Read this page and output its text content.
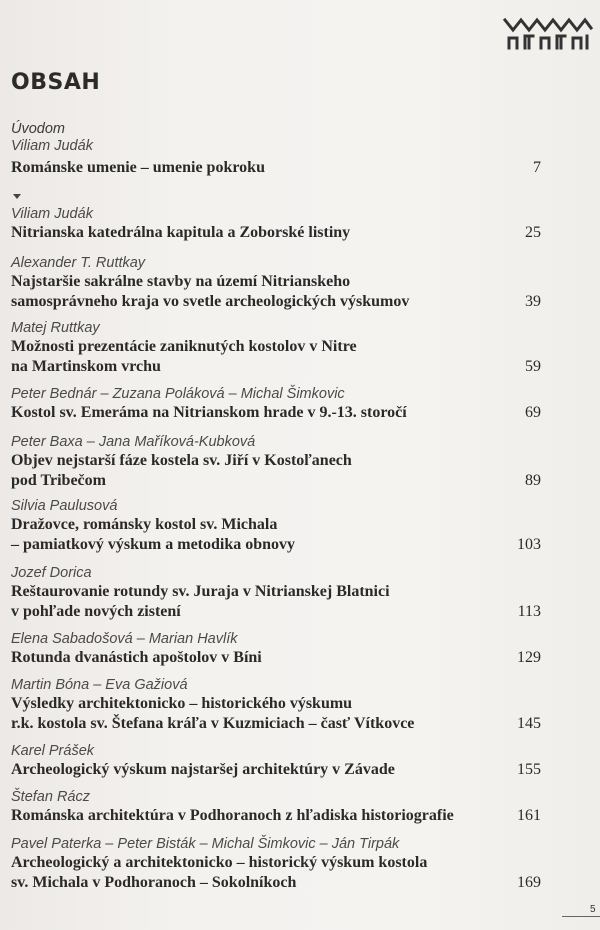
OBSAH
Úvodom
Viliam Judák
Románske umenie – umenie pokroku	7
Viliam Judák
Nitrianska katedrálna kapitula a Zoborské listiny	25
Alexander T. Ruttkay
Najstaršie sakrálne stavby na území Nitrianskeho
samosprávneho kraja vo svetle archeologických výskumov	39
Matej Ruttkay
Možnosti prezentácie zaniknutých kostolov v Nitre
na Martinskom vrchu	59
Peter Bednár – Zuzana Poláková – Michal Šimkovic
Kostol sv. Emeráma na Nitrianskom hrade v 9.-13. storočí	69
Peter Baxa – Jana Maříková-Kubková
Objev nejstarší fáze kostela sv. Jiří v Kostoľanech
pod Tribečom	89
Silvia Paulusová
Dražovce, románsky kostol sv. Michala
– pamiatkový výskum a metodika obnovy	103
Jozef Dorica
Reštaurovanie rotundy sv. Juraja v Nitrianskej Blatnici
v pohľade nových zistení	113
Elena Sabadošová – Marian Havlík
Rotunda dvanástich apoštolov v Bíni	129
Martin Bóna – Eva Gažiová
Výsledky architektonicko – historického výskumu
r.k. kostola sv. Štefana kráľa v Kuzmiciach – časť Vítkovce	145
Karel Prášek
Archeologický výskum najstaršej architektúry v Závade	155
Štefan Rácz
Románska architektúra v Podhoranoch z hľadiska historiografie	161
Pavel Paterka – Peter Bisták – Michal Šimkovic – Ján Tirpák
Archeologický a architektonicko – historický výskum kostola
sv. Michala v Podhoranoch – Sokolníkoch	169
5
